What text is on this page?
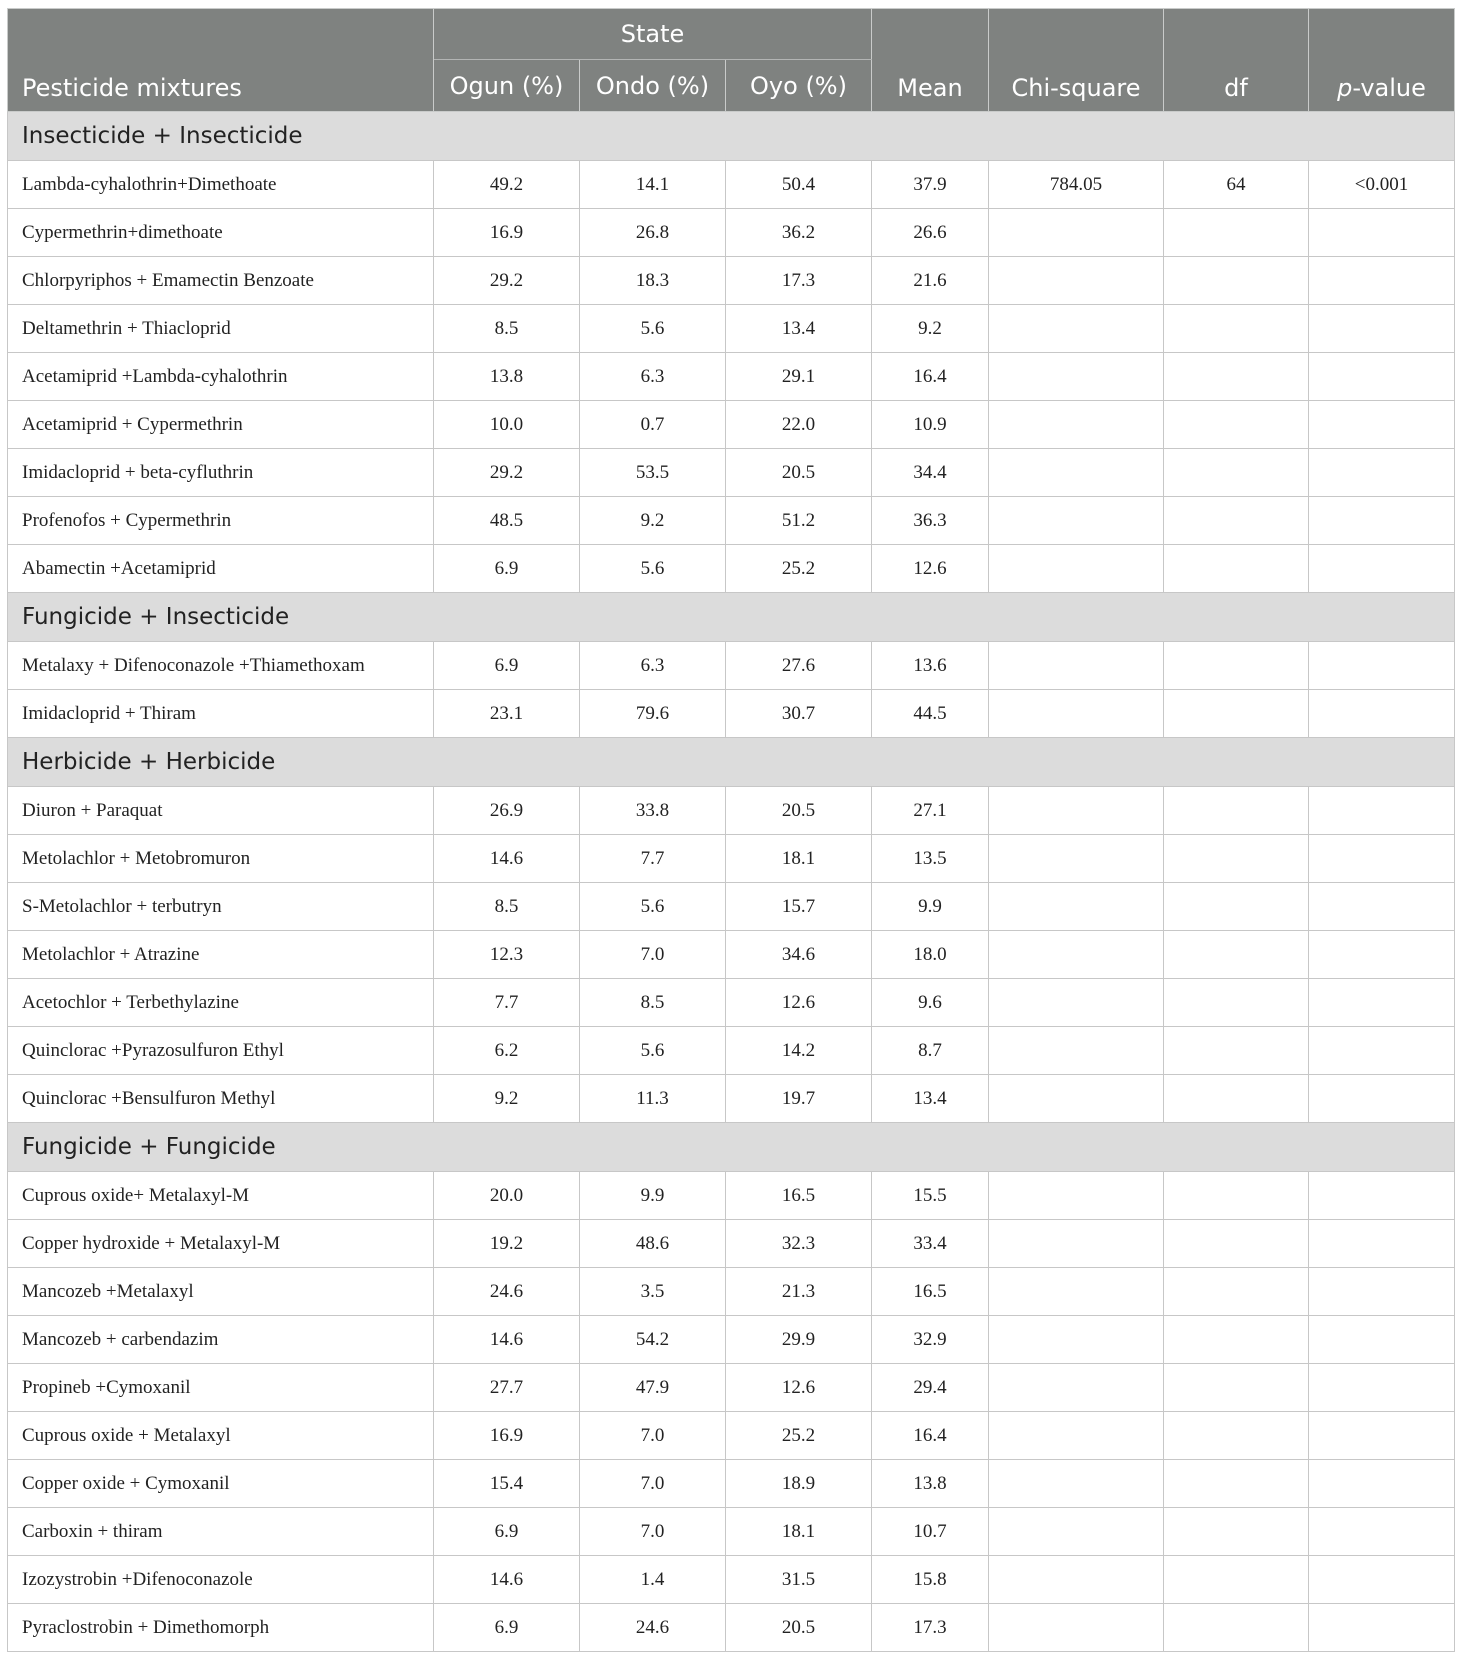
Pesticide mixtures	State			Mean	Chi-square	df	p-value
	Ogun (%)	Ondo (%)	Oyo (%)				
Insecticide + Insecticide							
Lambda-cyhalothrin+Dimethoate	49.2	14.1	50.4	37.9	784.05	64	<0.001
Cypermethrin+dimethoate	16.9	26.8	36.2	26.6			
Chlorpyriphos + Emamectin Benzoate	29.2	18.3	17.3	21.6			
Deltamethrin + Thiacloprid	8.5	5.6	13.4	9.2			
Acetamiprid +Lambda-cyhalothrin	13.8	6.3	29.1	16.4			
Acetamiprid + Cypermethrin	10.0	0.7	22.0	10.9			
Imidacloprid + beta-cyfluthrin	29.2	53.5	20.5	34.4			
Profenofos + Cypermethrin	48.5	9.2	51.2	36.3			
Abamectin +Acetamiprid	6.9	5.6	25.2	12.6			
Fungicide + Insecticide							
Metalaxy + Difenoconazole +Thiamethoxam	6.9	6.3	27.6	13.6			
Imidacloprid + Thiram	23.1	79.6	30.7	44.5			
Herbicide + Herbicide							
Diuron + Paraquat	26.9	33.8	20.5	27.1			
Metolachlor + Metobromuron	14.6	7.7	18.1	13.5			
S-Metolachlor + terbutryn	8.5	5.6	15.7	9.9			
Metolachlor + Atrazine	12.3	7.0	34.6	18.0			
Acetochlor + Terbethylazine	7.7	8.5	12.6	9.6			
Quinclorac +Pyrazosulfuron Ethyl	6.2	5.6	14.2	8.7			
Quinclorac +Bensulfuron Methyl	9.2	11.3	19.7	13.4			
Fungicide + Fungicide							
Cuprous oxide+ Metalaxyl-M	20.0	9.9	16.5	15.5			
Copper hydroxide + Metalaxyl-M	19.2	48.6	32.3	33.4			
Mancozeb +Metalaxyl	24.6	3.5	21.3	16.5			
Mancozeb + carbendazim	14.6	54.2	29.9	32.9			
Propineb +Cymoxanil	27.7	47.9	12.6	29.4			
Cuprous oxide + Metalaxyl	16.9	7.0	25.2	16.4			
Copper oxide + Cymoxanil	15.4	7.0	18.9	13.8			
Carboxin + thiram	6.9	7.0	18.1	10.7			
Izozystrobin +Difenoconazole	14.6	1.4	31.5	15.8			
Pyraclostrobin + Dimethomorph	6.9	24.6	20.5	17.3			
